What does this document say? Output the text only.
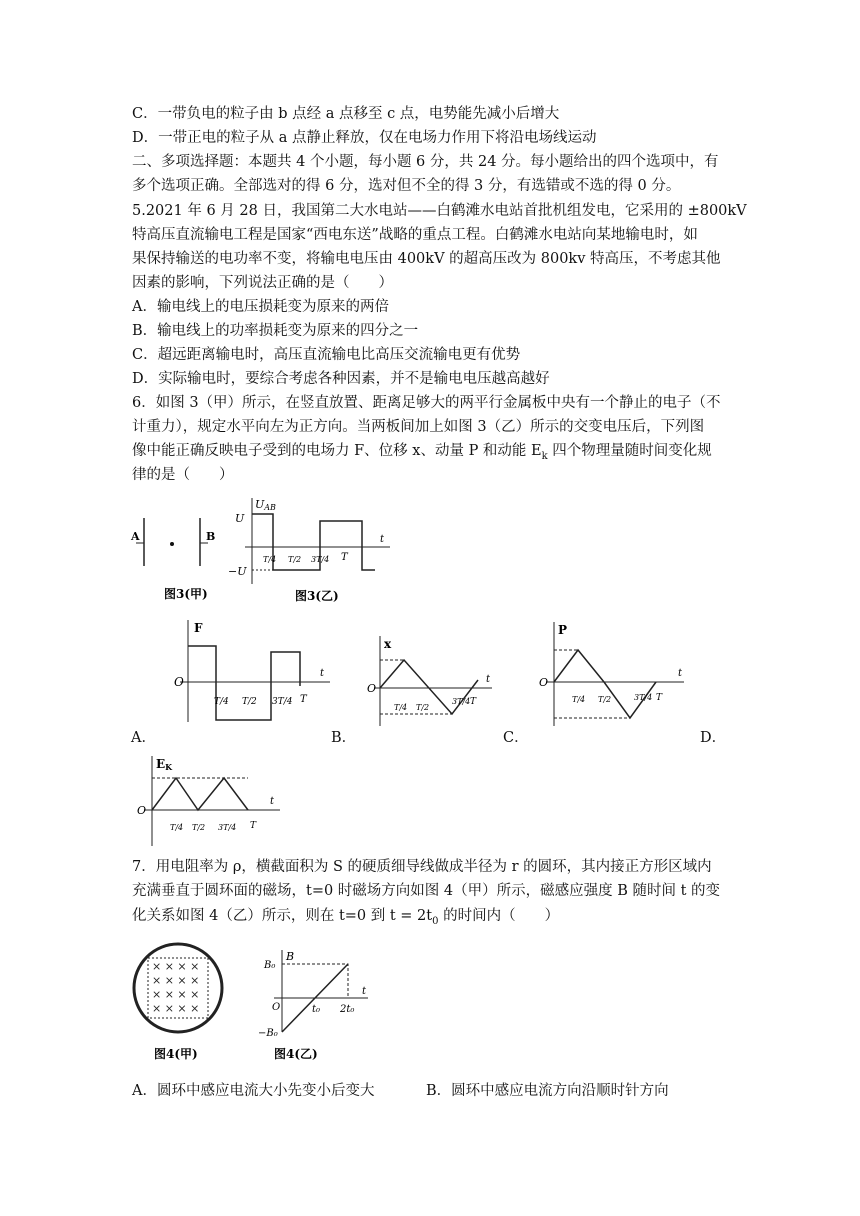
C．一带负电的粒子由 b 点经 a 点移至 c 点，电势能先减小后增大
D．一带正电的粒子从 a 点静止释放，仅在电场力作用下将沿电场线运动
二、多项选择题：本题共 4 个小题，每小题 6 分，共 24 分。每小题给出的四个选项中，有
多个选项正确。全部选对的得 6 分，选对但不全的得 3 分，有选错或不选的得 0 分。
5.2021 年 6 月 28 日，我国第二大水电站——白鹤滩水电站首批机组发电，它采用的 ±800kV
特高压直流输电工程是国家“西电东送”战略的重点工程。白鹤滩水电站向某地输电时，如
果保持输送的电功率不变，将输电电压由 400kV 的超高压改为 800kv 特高压，不考虑其他
因素的影响，下列说法正确的是（　　）
A．输电线上的电压损耗变为原来的两倍
B．输电线上的功率损耗变为原来的四分之一
C．超远距离输电时，高压直流输电比高压交流输电更有优势
D．实际输电时，要综合考虑各种因素，并不是输电电压越高越好
6．如图 3（甲）所示，在竖直放置、距离足够大的两平行金属板中央有一个静止的电子（不
计重力），规定水平向左为正方向。当两板间加上如图 3（乙）所示的交变电压后，下列图
像中能正确反映电子受到的电场力 F、位移 x、动量 P 和动能 $E_k$ 四个物理量随时间变化规
律的是（　　）
A	B
图3(甲)
UAB
U
−U
t
T/4 T/2 3T/4 T
图3(乙)
F
O
t
T/4 T/2 3T/4 T
A．
x
O
t
T/4 T/2
3T/4 T
B．
P
O
t
T/4 T/2	3T/4 T
C．	D．
EK
O
t
T/4 T/2 3T/4 T
7．用电阻率为 ρ，横截面积为 S 的硬质细导线做成半径为 r 的圆环，其内接正方形区域内
充满垂直于圆环面的磁场，t=0 时磁场方向如图 4（甲）所示，磁感应强度 B 随时间 t 的变
化关系如图 4（乙）所示，则在 t=0 到 $t = 2t_0$ 的时间内（　　）
× × × ×
× × × ×
× × × ×
× × × ×
图4(甲)
B
B₀
−B₀
O	t₀ 2t₀
t
图4(乙)
A．圆环中感应电流大小先变小后变大	B．圆环中感应电流方向沿顺时针方向
